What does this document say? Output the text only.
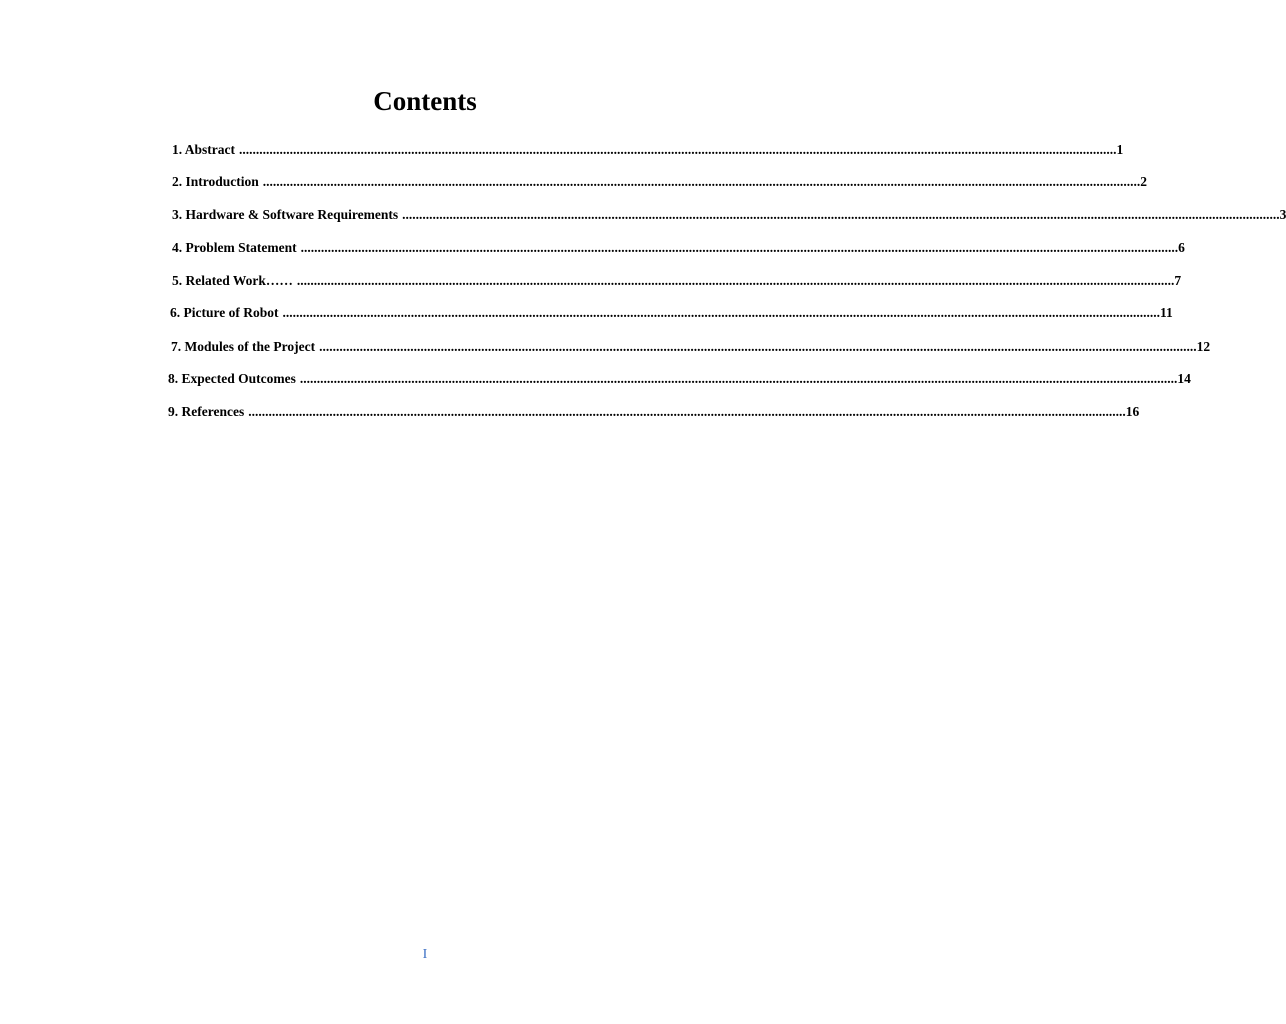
Contents
1. Abstract .................................................................................................................................................................................................................................................................... 1
2. Introduction .................................................................................................................................................................................................................................................................... 2
3. Hardware & Software Requirements .................................................................................................................................................................................................................................................................... 3
4. Problem Statement .................................................................................................................................................................................................................................................................... 6
5. Related Work…… .................................................................................................................................................................................................................................................................... 7
6. Picture of Robot .................................................................................................................................................................................................................................................................... 11
7. Modules of the Project .................................................................................................................................................................................................................................................................... 12
8. Expected Outcomes .................................................................................................................................................................................................................................................................... 14
9. References .................................................................................................................................................................................................................................................................... 16
I
